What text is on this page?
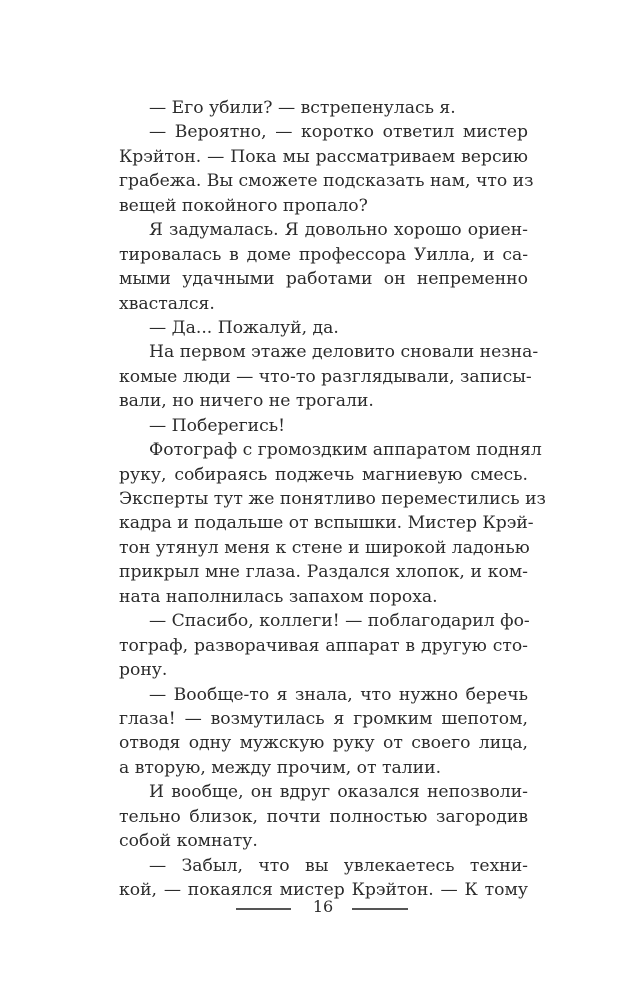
— Его убили? — встрепенулась я.
— Вероятно, — коротко ответил мистер
Крэйтон. — Пока мы рассматриваем версию
грабежа. Вы сможете подсказать нам, что из
вещей покойного пропало?
Я задумалась. Я довольно хорошо ориен-
тировалась в доме профессора Уилла, и са-
мыми удачными работами он непременно
хвастался.
— Да... Пожалуй, да.
На первом этаже деловито сновали незна-
комые люди — что-то разглядывали, записы-
вали, но ничего не трогали.
— Поберегись!
Фотограф с громоздким аппаратом поднял
руку, собираясь поджечь магниевую смесь.
Эксперты тут же понятливо переместились из
кадра и подальше от вспышки. Мистер Крэй-
тон утянул меня к стене и широкой ладонью
прикрыл мне глаза. Раздался хлопок, и ком-
ната наполнилась запахом пороха.
— Спасибо, коллеги! — поблагодарил фо-
тограф, разворачивая аппарат в другую сто-
рону.
— Вообще-то я знала, что нужно беречь
глаза! — возмутилась я громким шепотом,
отводя одну мужскую руку от своего лица,
а вторую, между прочим, от талии.
И вообще, он вдруг оказался непозволи-
тельно близок, почти полностью загородив
собой комнату.
— Забыл, что вы увлекаетесь техни-
кой, — покаялся мистер Крэйтон. — К тому
16
